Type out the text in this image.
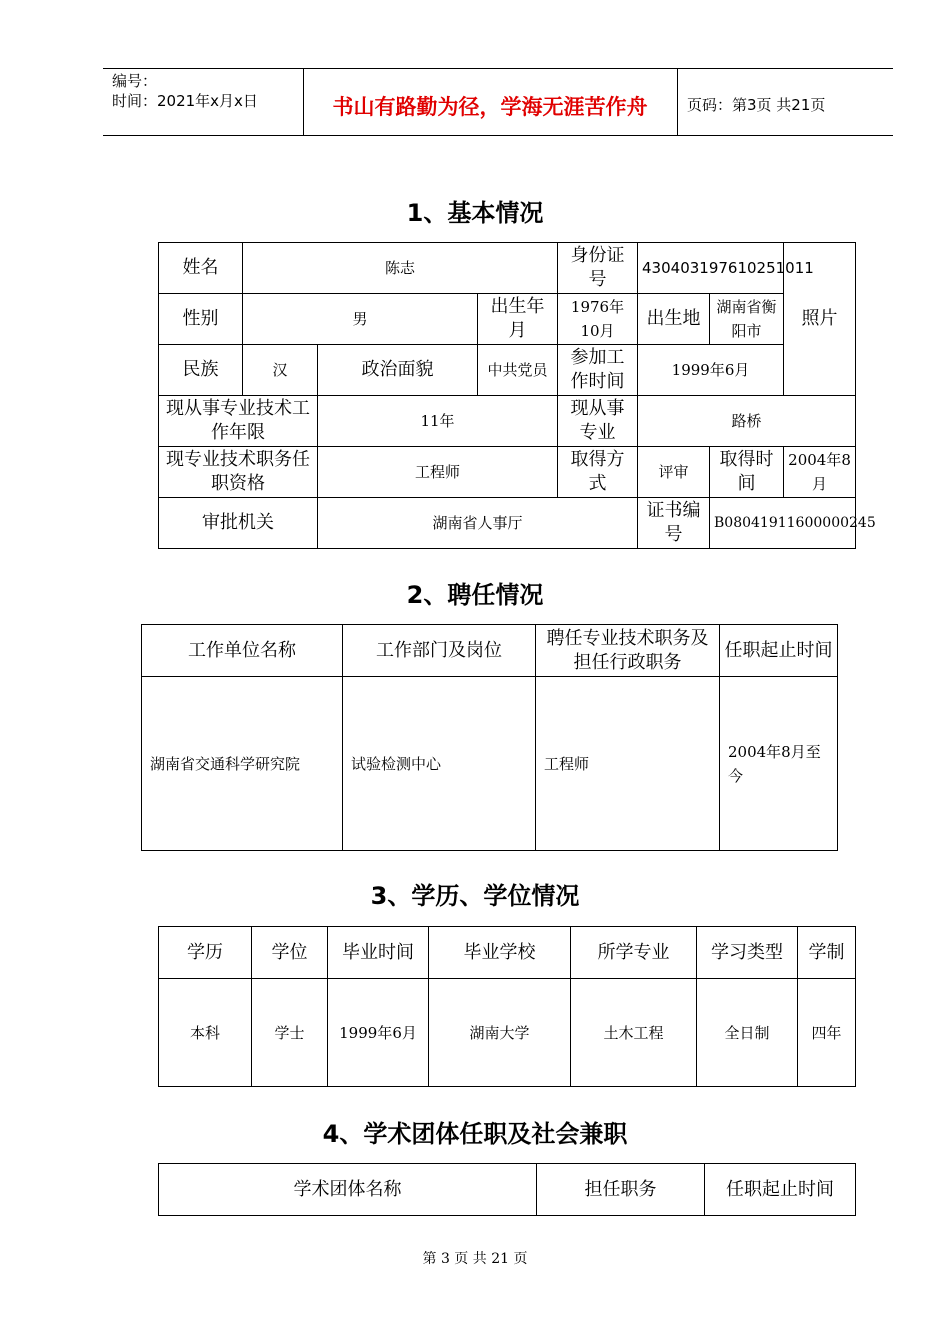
编号：
时间：2021年x月x日	书山有路勤为径，学海无涯苦作舟	页码：第3页 共21页
1、基本情况
姓名	陈志			身份证号	430403197610251011		照片
性别	男		出生年月	1976年10月	出生地	湖南省衡阳市	
民族	汉	政治面貌	中共党员	参加工作时间	1999年6月		
现从事专业技术工作年限		11年		现从事专业	路桥		
现专业技术职务任职资格		工程师		取得方式	评审	取得时间	2004年8月
审批机关		湖南省人事厅			证书编号	B08041911600000245	
2、聘任情况
工作单位名称	工作部门及岗位	聘任专业技术职务及担任行政职务	任职起止时间
湖南省交通科学研究院	试验检测中心	工程师	2004年8月至今
3、学历、学位情况
学历	学位	毕业时间	毕业学校	所学专业	学习类型	学制
本科	学士	1999年6月	湖南大学	土木工程	全日制	四年
4、学术团体任职及社会兼职
学术团体名称	担任职务	任职起止时间
第 3 页 共 21 页
